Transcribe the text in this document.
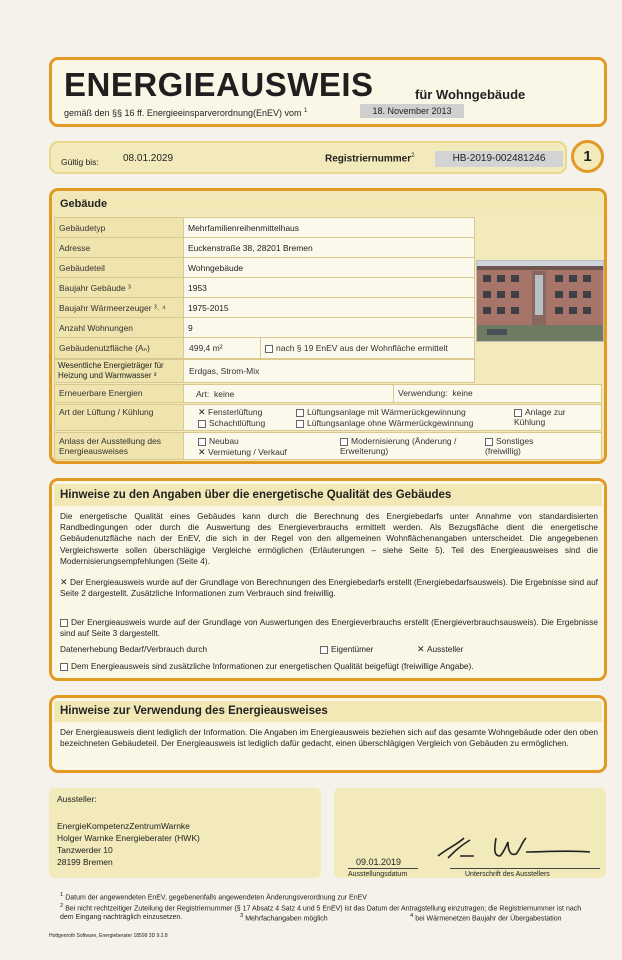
ENERGIEAUSWEIS	für Wohngebäude
gemäß den §§ 16 ff. Energieeinsparverordnung(EnEV) vom $^1$	18. November 2013
Gültig bis: 08.01.2029	Registriernummer$^2$	HB-2019-002481246	1
Gebäude
Gebäudetyp	Mehrfamilienreihenmittelhaus
Adresse	Euckenstraße 38, 28201 Bremen
Gebäudeteil	Wohngebäude
Baujahr Gebäude ³	1953
Baujahr Wärmeerzeuger ³˒ ⁴	1975-2015
Anzahl Wohnungen	9
Gebäudenutzfläche (Aₙ)	499,4 m²	nach § 19 EnEV aus der Wohnfläche ermittelt
Wesentliche Energieträger für Heizung und Warmwasser ³	Erdgas, Strom-Mix
Erneuerbare Energien	Art: keine	Verwendung: keine
Art der Lüftung / Kühlung	✕ Fensterlüftung
Schachtlüftung
Lüftungsanlage mit Wärmerückgewinnung
Lüftungsanlage ohne Wärmerückgewinnung
Anlage zur Kühlung
Anlass der Ausstellung des Energieausweises
Neubau
✕ Vermietung / Verkauf
Modernisierung (Änderung / Erweiterung)
Sonstiges (freiwillig)
Hinweise zu den Angaben über die energetische Qualität des Gebäudes
Die energetische Qualität eines Gebäudes kann durch die Berechnung des Energiebedarfs unter Annahme von standardisierten Randbedingungen oder durch die Auswertung des Energieverbrauchs ermittelt werden. Als Bezugsfläche dient die energetische Gebäudenutzfläche nach der EnEV, die sich in der Regel von den allgemeinen Wohnflächenangaben unterscheidet. Die angegebenen Vergleichswerte sollen überschlägige Vergleiche ermöglichen (Erläuterungen – siehe Seite 5). Teil des Energieausweises sind die Modernisierungsempfehlungen (Seite 4).
✕ Der Energieausweis wurde auf der Grundlage von Berechnungen des Energiebedarfs erstellt (Energiebedarfsausweis). Die Ergebnisse sind auf Seite 2 dargestellt. Zusätzliche Informationen zum Verbrauch sind freiwillig.
Der Energieausweis wurde auf der Grundlage von Auswertungen des Energieverbrauchs erstellt (Energieverbrauchsausweis). Die Ergebnisse sind auf Seite 3 dargestellt.
Datenerhebung Bedarf/Verbrauch durch	Eigentümer	✕ Aussteller
Dem Energieausweis sind zusätzliche Informationen zur energetischen Qualität beigefügt (freiwillige Angabe).
Hinweise zur Verwendung des Energieausweises
Der Energieausweis dient lediglich der Information. Die Angaben im Energieausweis beziehen sich auf das gesamte Wohngebäude oder den oben bezeichneten Gebäudeteil. Der Energieausweis ist lediglich dafür gedacht, einen überschlägigen Vergleich von Gebäuden zu ermöglichen.
Aussteller:
EnergieKompetenzZentrumWarnke
Holger Warnke Energieberater (HWK)
Tanzwerder 10
28199 Bremen	09.01.2019
Ausstellungsdatum	Unterschrift des Ausstellers
$^1$ Datum der angewendeten EnEV, gegebenenfalls angewendeten Änderungsverordnung zur EnEV
$^2$ Bei nicht rechtzeitiger Zuteilung der Registriernummer (§ 17 Absatz 4 Satz 4 und 5 EnEV) ist das Datum der Antragstellung einzutragen; die Registriernummer ist nach dem Eingang nachträglich einzusetzen.	$^3$ Mehrfachangaben möglich	$^4$ bei Wärmenetzen Baujahr der Übergabestation
Hottgenroth Software, Energieberater 18599 3D 9.2.8
